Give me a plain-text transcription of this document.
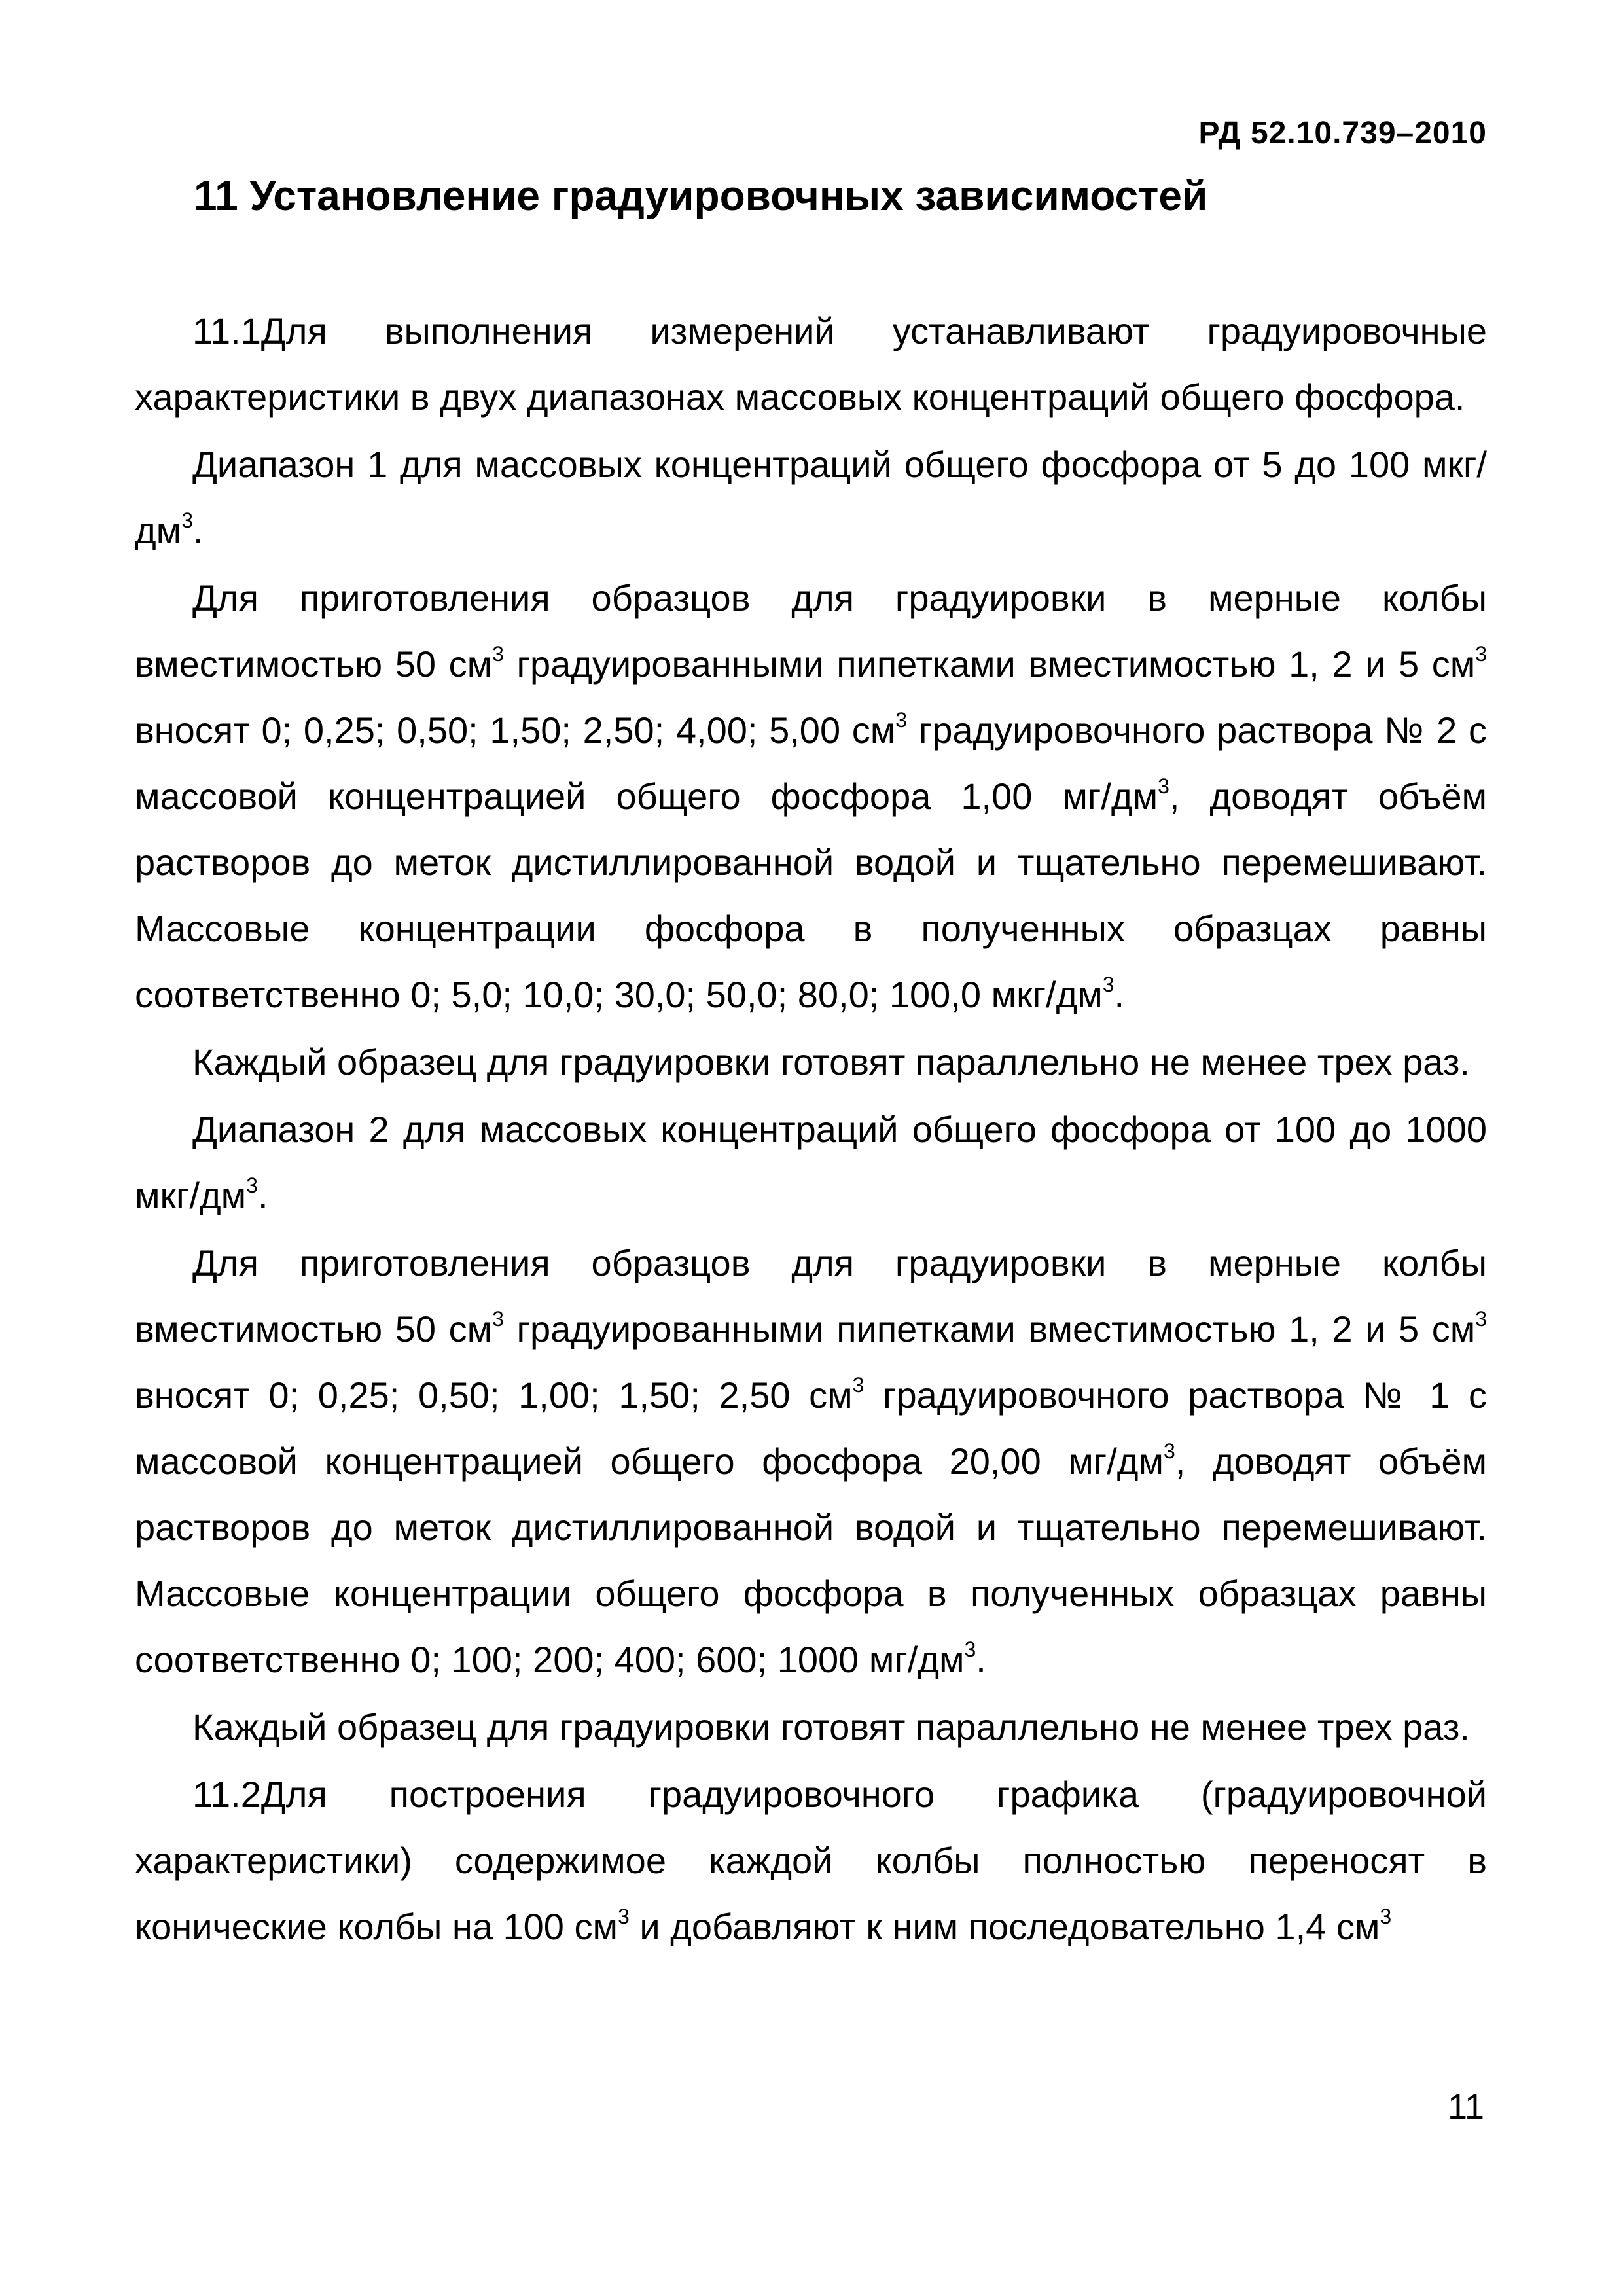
РД 52.10.739–2010
11 Установление градуировочных зависимостей

11.1Для выполнения измерений устанавливают градуировочные характеристики в двух диапазонах массовых концентраций общего фосфора.

Диапазон 1 для массовых концентраций общего фосфора от 5 до 100 мкг/$дм^3$.

Для приготовления образцов для градуировки в мерные колбы вместимостью 50 $см^3$ градуированными пипетками вместимостью 1, 2 и 5 $см^3$ вносят 0; 0,25; 0,50; 1,50; 2,50; 4,00; 5,00 $см^3$ градуировочного раствора № 2 с массовой концентрацией общего фосфора 1,00 $мг/дм^3$, доводят объём растворов до меток дистиллированной водой и тщательно перемешивают. Массовые концентрации фосфора в полученных образцах равны соответственно 0; 5,0; 10,0; 30,0; 50,0; 80,0; 100,0 мкг/$дм^3$.

Каждый образец для градуировки готовят параллельно не менее трех раз.

Диапазон 2 для массовых концентраций общего фосфора от 100 до 1000 мкг/$дм^3$.

Для приготовления образцов для градуировки в мерные колбы вместимостью 50 $см^3$ градуированными пипетками вместимостью 1, 2 и 5 $см^3$ вносят 0; 0,25; 0,50; 1,00; 1,50; 2,50 $см^3$ градуировочного раствора № 1 с массовой концентрацией общего фосфора 20,00 $мг/дм^3$, доводят объём растворов до меток дистиллированной водой и тщательно перемешивают. Массовые концентрации общего фосфора в полученных образцах равны соответственно 0; 100; 200; 400; 600; 1000 $мг/дм^3$.

Каждый образец для градуировки готовят параллельно не менее трех раз.

11.2Для построения градуировочного графика (градуировочной характеристики) содержимое каждой колбы полностью переносят в конические колбы на 100 $см^3$ и добавляют к ним последовательно 1,4 $см^3$

11
